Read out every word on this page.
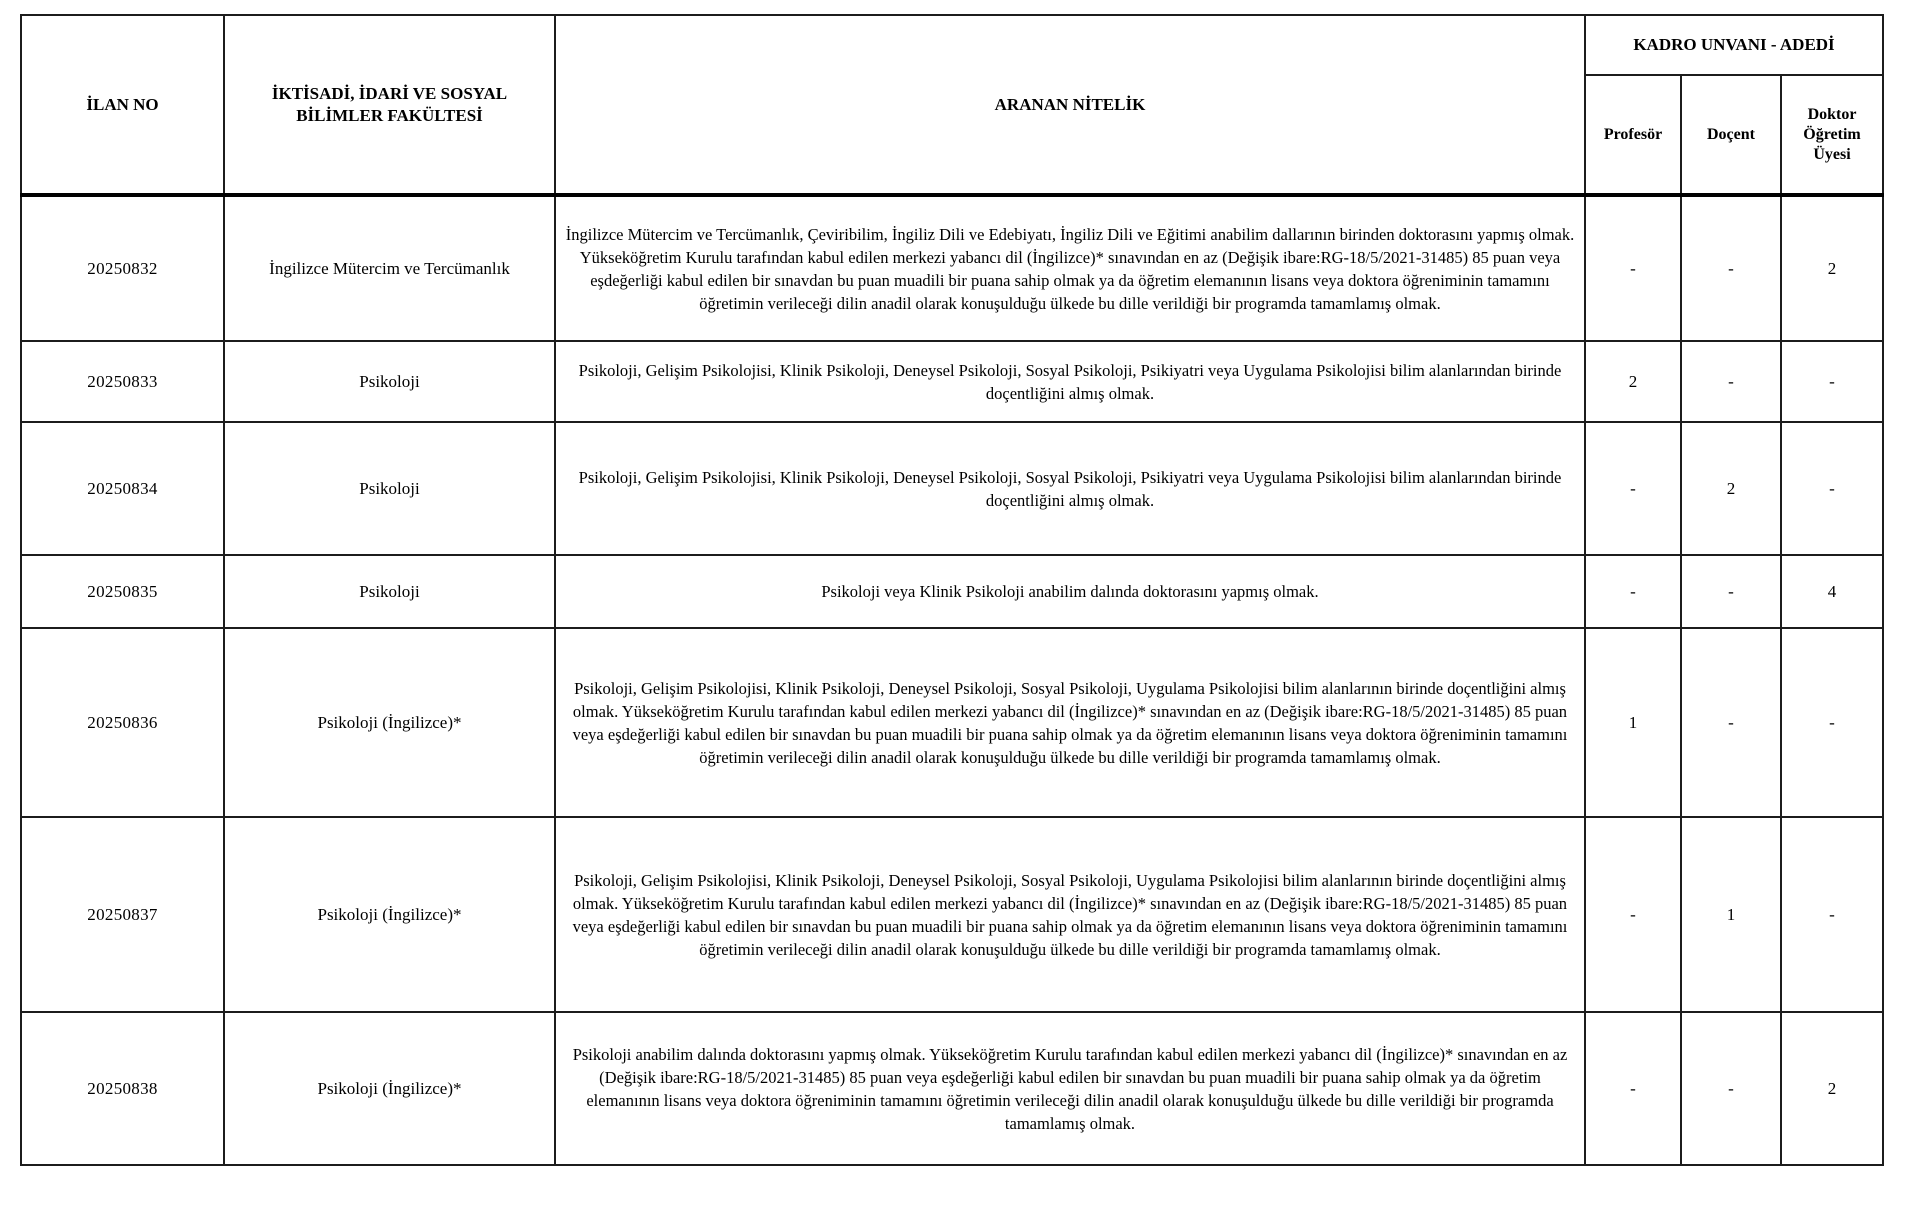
İLAN NO	İKTİSADİ, İDARİ VE SOSYAL BİLİMLER FAKÜLTESİ	ARANAN NİTELİK	KADRO UNVANI - ADEDİ		
			Profesör	Doçent	Doktor Öğretim Üyesi
20250832	İngilizce Mütercim ve Tercümanlık	İngilizce Mütercim ve Tercümanlık, Çeviribilim, İngiliz Dili ve Edebiyatı, İngiliz Dili ve Eğitimi anabilim dallarının birinden doktorasını yapmış olmak. Yükseköğretim Kurulu tarafından kabul edilen merkezi yabancı dil (İngilizce)* sınavından en az (Değişik ibare:RG-18/5/2021-31485) 85 puan veya eşdeğerliği kabul edilen bir sınavdan bu puan muadili bir puana sahip olmak ya da öğretim elemanının lisans veya doktora öğreniminin tamamını öğretimin verileceği dilin anadil olarak konuşulduğu ülkede bu dille verildiği bir programda tamamlamış olmak.	-	-	2
20250833	Psikoloji	Psikoloji, Gelişim Psikolojisi, Klinik Psikoloji, Deneysel Psikoloji, Sosyal Psikoloji, Psikiyatri veya Uygulama Psikolojisi bilim alanlarından birinde doçentliğini almış olmak.	2	-	-
20250834	Psikoloji	Psikoloji, Gelişim Psikolojisi, Klinik Psikoloji, Deneysel Psikoloji, Sosyal Psikoloji, Psikiyatri veya Uygulama Psikolojisi bilim alanlarından birinde doçentliğini almış olmak.	-	2	-
20250835	Psikoloji	Psikoloji veya Klinik Psikoloji anabilim dalında doktorasını yapmış olmak.	-	-	4
20250836	Psikoloji (İngilizce)*	Psikoloji, Gelişim Psikolojisi, Klinik Psikoloji, Deneysel Psikoloji, Sosyal Psikoloji, Uygulama Psikolojisi bilim alanlarının birinde doçentliğini almış olmak. Yükseköğretim Kurulu tarafından kabul edilen merkezi yabancı dil (İngilizce)* sınavından en az (Değişik ibare:RG-18/5/2021-31485) 85 puan veya eşdeğerliği kabul edilen bir sınavdan bu puan muadili bir puana sahip olmak ya da öğretim elemanının lisans veya doktora öğreniminin tamamını öğretimin verileceği dilin anadil olarak konuşulduğu ülkede bu dille verildiği bir programda tamamlamış olmak.	1	-	-
20250837	Psikoloji (İngilizce)*	Psikoloji, Gelişim Psikolojisi, Klinik Psikoloji, Deneysel Psikoloji, Sosyal Psikoloji, Uygulama Psikolojisi bilim alanlarının birinde doçentliğini almış olmak. Yükseköğretim Kurulu tarafından kabul edilen merkezi yabancı dil (İngilizce)* sınavından en az (Değişik ibare:RG-18/5/2021-31485) 85 puan veya eşdeğerliği kabul edilen bir sınavdan bu puan muadili bir puana sahip olmak ya da öğretim elemanının lisans veya doktora öğreniminin tamamını öğretimin verileceği dilin anadil olarak konuşulduğu ülkede bu dille verildiği bir programda tamamlamış olmak.	-	1	-
20250838	Psikoloji (İngilizce)*	Psikoloji anabilim dalında doktorasını yapmış olmak. Yükseköğretim Kurulu tarafından kabul edilen merkezi yabancı dil (İngilizce)* sınavından en az (Değişik ibare:RG-18/5/2021-31485) 85 puan veya eşdeğerliği kabul edilen bir sınavdan bu puan muadili bir puana sahip olmak ya da öğretim elemanının lisans veya doktora öğreniminin tamamını öğretimin verileceği dilin anadil olarak konuşulduğu ülkede bu dille verildiği bir programda tamamlamış olmak.	-	-	2
